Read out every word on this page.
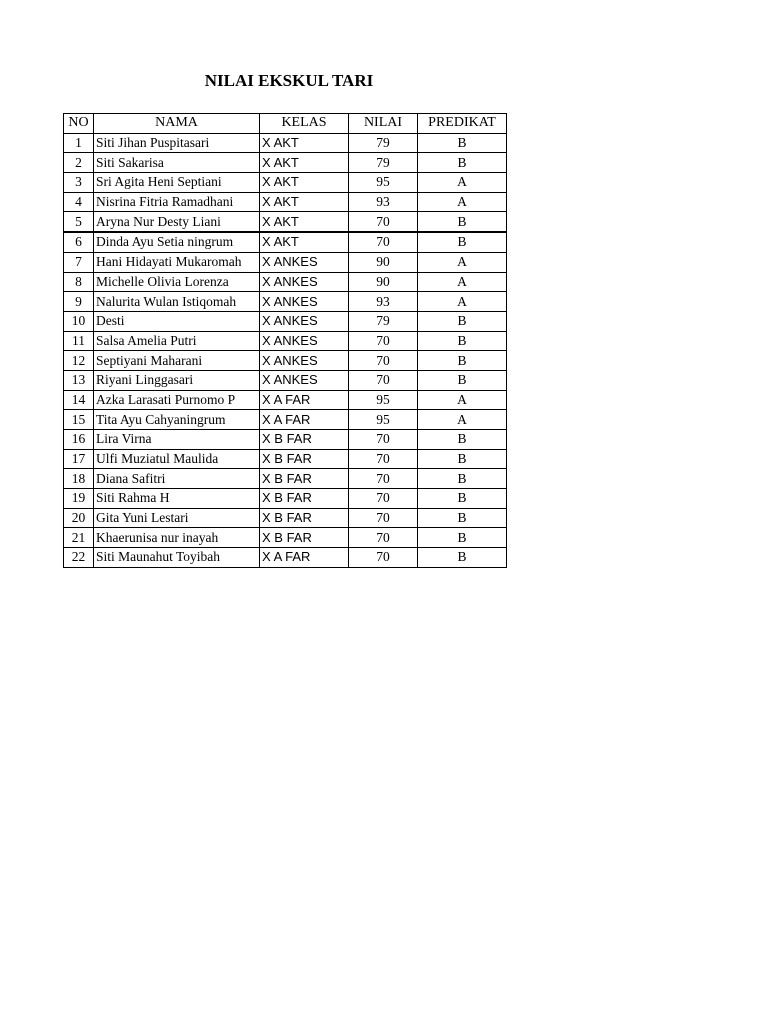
NILAI EKSKUL TARI
NO	NAMA	KELAS	NILAI	PREDIKAT
1	Siti Jihan Puspitasari	X AKT	79	B
2	Siti Sakarisa	X AKT	79	B
3	Sri Agita Heni Septiani	X AKT	95	A
4	Nisrina Fitria Ramadhani	X AKT	93	A
5	Aryna Nur Desty Liani	X AKT	70	B
6	Dinda Ayu Setia ningrum	X AKT	70	B
7	Hani Hidayati Mukaromah	X ANKES	90	A
8	Michelle Olivia Lorenza	X ANKES	90	A
9	Nalurita Wulan Istiqomah	X ANKES	93	A
10	Desti	X ANKES	79	B
11	Salsa Amelia Putri	X ANKES	70	B
12	Septiyani Maharani	X ANKES	70	B
13	Riyani Linggasari	X ANKES	70	B
14	Azka Larasati Purnomo P	X A FAR	95	A
15	Tita Ayu Cahyaningrum	X A FAR	95	A
16	Lira Virna	X B FAR	70	B
17	Ulfi Muziatul Maulida	X B FAR	70	B
18	Diana Safitri	X B FAR	70	B
19	Siti Rahma H	X B FAR	70	B
20	Gita Yuni Lestari	X B FAR	70	B
21	Khaerunisa nur inayah	X B FAR	70	B
22	Siti Maunahut Toyibah	X A FAR	70	B
